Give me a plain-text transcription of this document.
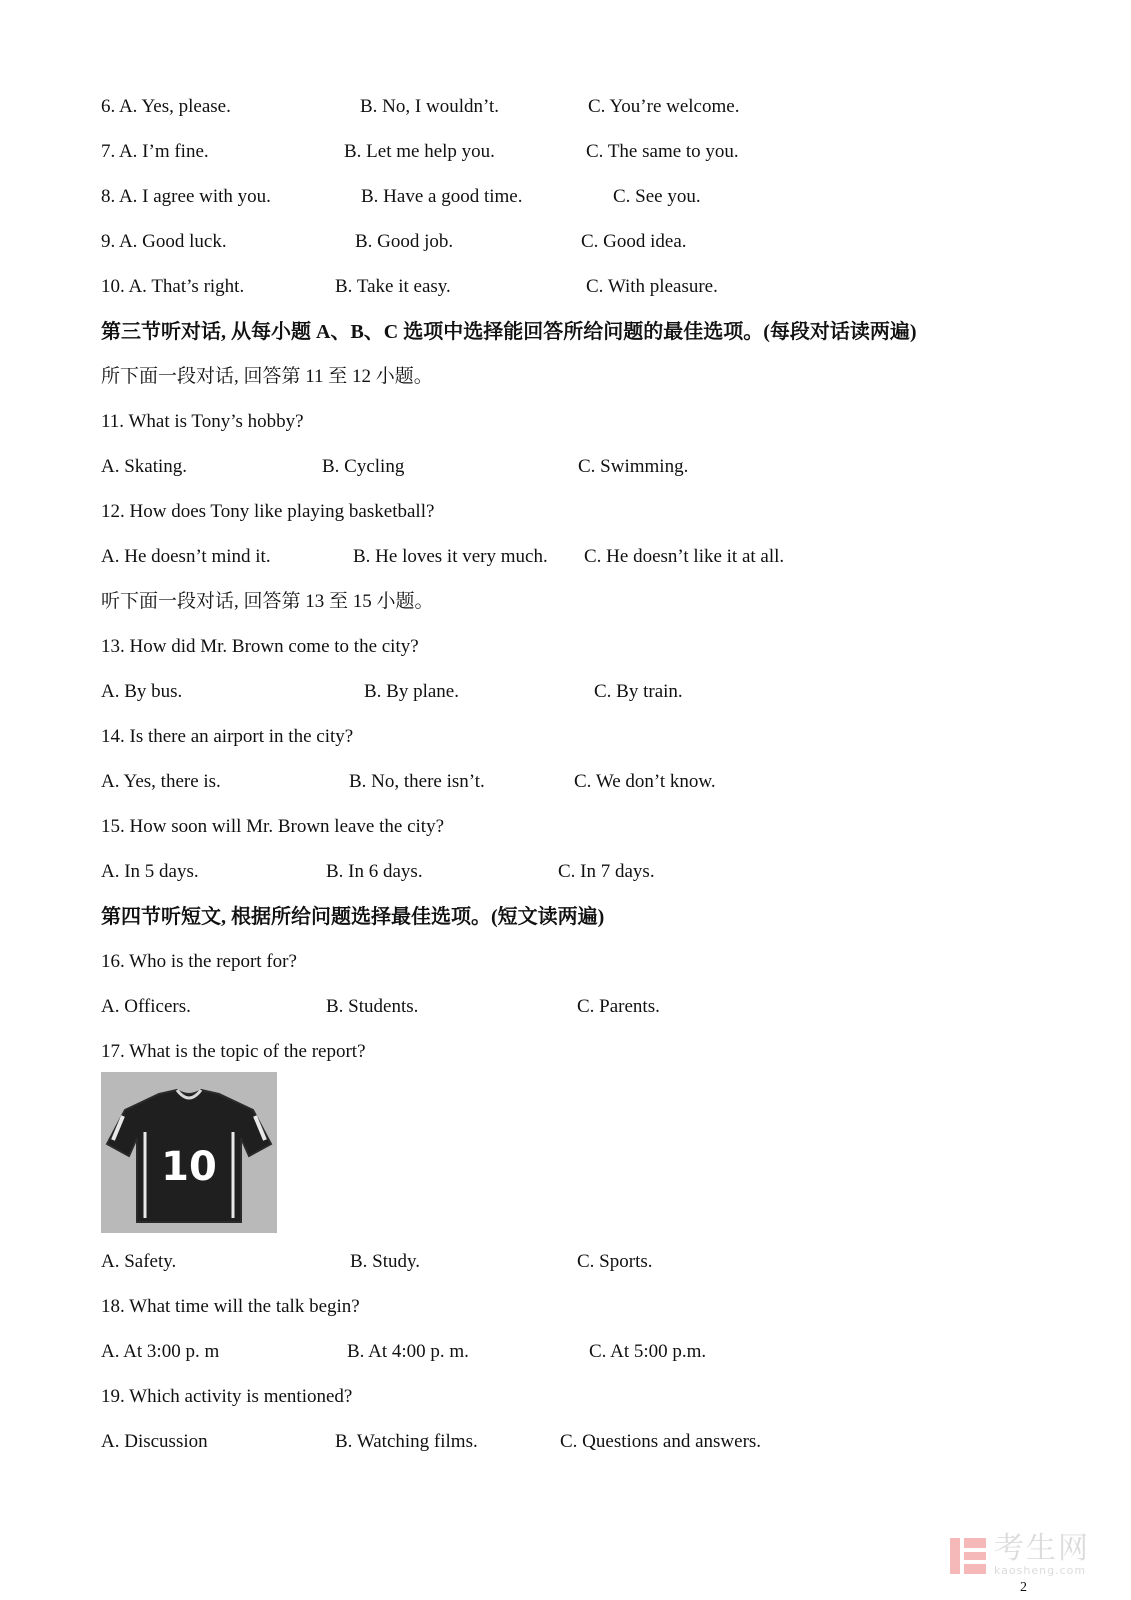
6. A. Yes, please.	B. No, I wouldn’t.	C. You’re welcome.
7. A. I’m fine.	B. Let me help you.	C. The same to you.
8. A. I agree with you.	B. Have a good time.	C. See you.
9. A. Good luck.	B. Good job.	C. Good idea.
10. A. That’s right.	B. Take it easy.	C. With pleasure.
第三节听对话, 从每小题 A、B、C 选项中选择能回答所给问题的最佳选项。(每段对话读两遍)
所下面一段对话, 回答第 11 至 12 小题。
11. What is Tony’s hobby?
A. Skating.	B. Cycling	C. Swimming.
12. How does Tony like playing basketball?
A. He doesn’t mind it.	B. He loves it very much. C. He doesn’t like it at all.
听下面一段对话, 回答第 13 至 15 小题。
13. How did Mr. Brown come to the city?
A. By bus.	B. By plane.	C. By train.
14. Is there an airport in the city?
A. Yes, there is.	B. No, there isn’t.	C. We don’t know.
15. How soon will Mr. Brown leave the city?
A. In 5 days.	B. In 6 days.	C. In 7 days.
第四节听短文, 根据所给问题选择最佳选项。(短文读两遍)
16. Who is the report for?
A. Officers.	B. Students.	C. Parents.
17. What is the topic of the report?
10
A. Safety.	B. Study.	C. Sports.
18. What time will the talk begin?
A. At 3:00 p. m	B. At 4:00 p. m.	C. At 5:00 p.m.
19. Which activity is mentioned?
A. Discussion	B. Watching films.	C. Questions and answers.
考生网
kaosheng.com
2
